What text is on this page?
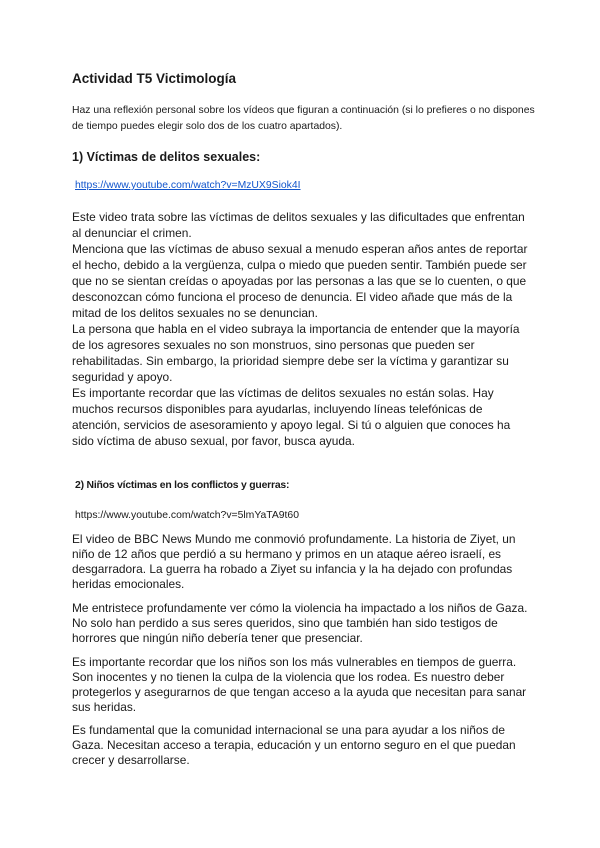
Actividad T5 Victimología
Haz una reflexión personal sobre los vídeos que figuran a continuación (si lo prefieres o no dispones de tiempo puedes elegir solo dos de los cuatro apartados).
1) Víctimas de delitos sexuales:
https://www.youtube.com/watch?v=MzUX9Siok4I

Este video trata sobre las víctimas de delitos sexuales y las dificultades que enfrentan al denunciar el crimen.

Menciona que las víctimas de abuso sexual a menudo esperan años antes de reportar el hecho, debido a la vergüenza, culpa o miedo que pueden sentir. También puede ser que no se sientan creídas o apoyadas por las personas a las que se lo cuenten, o que desconozcan cómo funciona el proceso de denuncia. El video añade que más de la mitad de los delitos sexuales no se denuncian.

La persona que habla en el video subraya la importancia de entender que la mayoría de los agresores sexuales no son monstruos, sino personas que pueden ser rehabilitadas. Sin embargo, la prioridad siempre debe ser la víctima y garantizar su seguridad y apoyo.

Es importante recordar que las víctimas de delitos sexuales no están solas. Hay muchos recursos disponibles para ayudarlas, incluyendo líneas telefónicas de atención, servicios de asesoramiento y apoyo legal. Si tú o alguien que conoces ha sido víctima de abuso sexual, por favor, busca ayuda.

2) Niños víctimas en los conflictos y guerras:
https://www.youtube.com/watch?v=5lmYaTA9t60

El video de BBC News Mundo me conmovió profundamente. La historia de Ziyet, un niño de 12 años que perdió a su hermano y primos en un ataque aéreo israelí, es desgarradora. La guerra ha robado a Ziyet su infancia y la ha dejado con profundas heridas emocionales.

Me entristece profundamente ver cómo la violencia ha impactado a los niños de Gaza. No solo han perdido a sus seres queridos, sino que también han sido testigos de horrores que ningún niño debería tener que presenciar.

Es importante recordar que los niños son los más vulnerables en tiempos de guerra. Son inocentes y no tienen la culpa de la violencia que los rodea. Es nuestro deber protegerlos y asegurarnos de que tengan acceso a la ayuda que necesitan para sanar sus heridas.

Es fundamental que la comunidad internacional se una para ayudar a los niños de Gaza. Necesitan acceso a terapia, educación y un entorno seguro en el que puedan crecer y desarrollarse.
